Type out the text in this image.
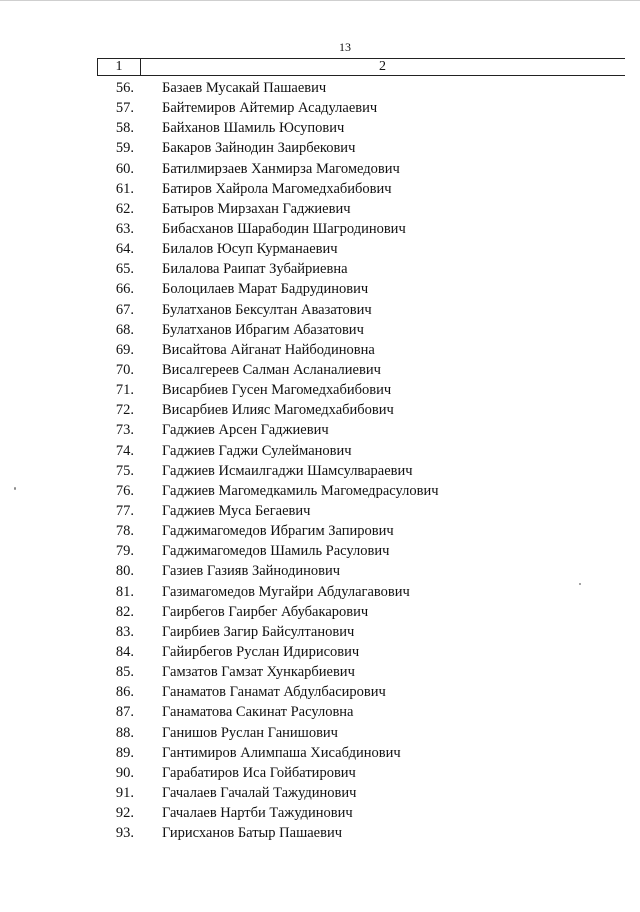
13
1	2
56. Базаев Мусакай Пашаевич
57. Байтемиров Айтемир Асадулаевич
58. Байханов Шамиль Юсупович
59. Бакаров Зайнодин Заирбекович
60. Батилмирзаев Ханмирза Магомедович
61. Батиров Хайрола Магомедхабибович
62. Батыров Мирзахан Гаджиевич
63. Бибасханов Шарабодин Шагродинович
64. Билалов Юсуп Курманаевич
65. Билалова Раипат Зубайриевна
66. Болоцилаев Марат Бадрудинович
67. Булатханов Бексултан Авазатович
68. Булатханов Ибрагим Абазатович
69. Висайтова Айганат Найбодиновна
70. Висалгереев Салман Асланалиевич
71. Висарбиев Гусен Магомедхабибович
72. Висарбиев Илияс Магомедхабибович
73. Гаджиев Арсен Гаджиевич
74. Гаджиев Гаджи Сулейманович
75. Гаджиев Исмаилгаджи Шамсулвараевич
76. Гаджиев Магомедкамиль Магомедрасулович
77. Гаджиев Муса Бегаевич
78. Гаджимагомедов Ибрагим Запирович
79. Гаджимагомедов Шамиль Расулович
80. Газиев Газияв Зайнодинович
81. Газимагомедов Мугайри Абдулагавович
82. Гаирбегов Гаирбег Абубакарович
83. Гаирбиев Загир Байсултанович
84. Гайирбегов Руслан Идирисович
85. Гамзатов Гамзат Хункарбиевич
86. Ганаматов Ганамат Абдулбасирович
87. Ганаматова Сакинат Расуловна
88. Ганишов Руслан Ганишович
89. Гантимиров Алимпаша Хисабдинович
90. Гарабатиров Иса Гойбатирович
91. Гачалаев Гачалай Тажудинович
92. Гачалаев Нартби Тажудинович
93. Гирисханов Батыр Пашаевич
